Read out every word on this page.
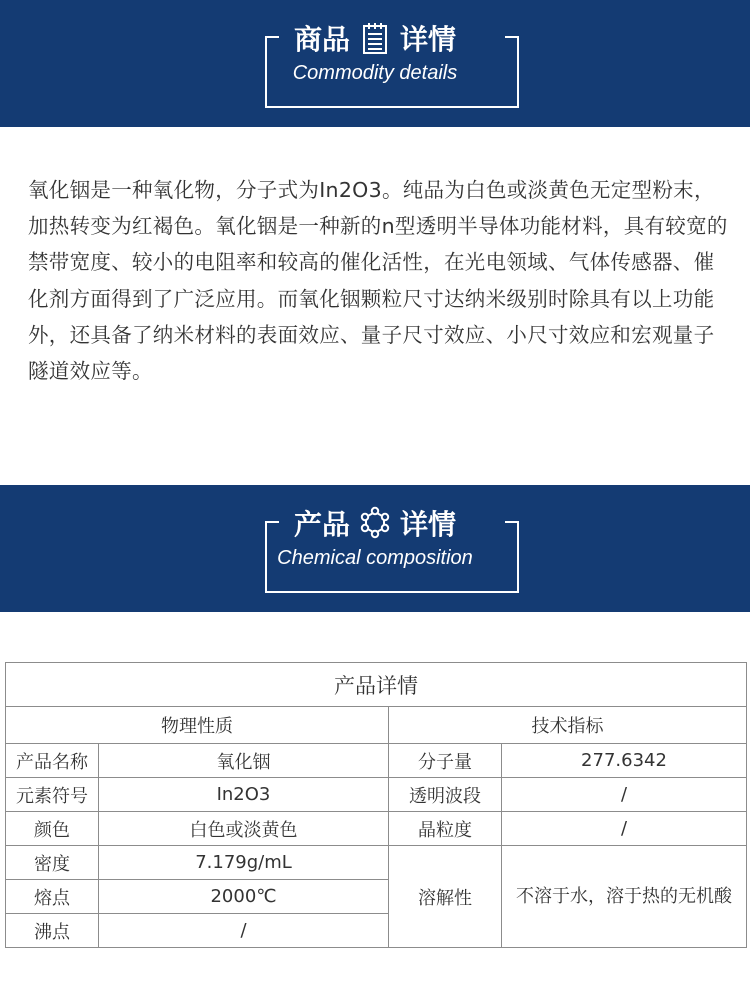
商品 详情
Commodity details
氧化铟是一种氧化物，分子式为In2O3。纯品为白色或淡黄色无定型粉末，加热转变为红褐色。氧化铟是一种新的n型透明半导体功能材料，具有较宽的禁带宽度、较小的电阻率和较高的催化活性，在光电领域、气体传感器、催化剂方面得到了广泛应用。而氧化铟颗粒尺寸达纳米级别时除具有以上功能外，还具备了纳米材料的表面效应、量子尺寸效应、小尺寸效应和宏观量子隧道效应等。
产品 详情
Chemical composition
产品详情			
物理性质		技术指标	
产品名称	氧化铟	分子量	277.6342
元素符号	In2O3	透明波段	/
颜色	白色或淡黄色	晶粒度	/
密度	7.179g/mL	溶解性	不溶于水，溶于热的无机酸
熔点	2000℃		
沸点	/		
